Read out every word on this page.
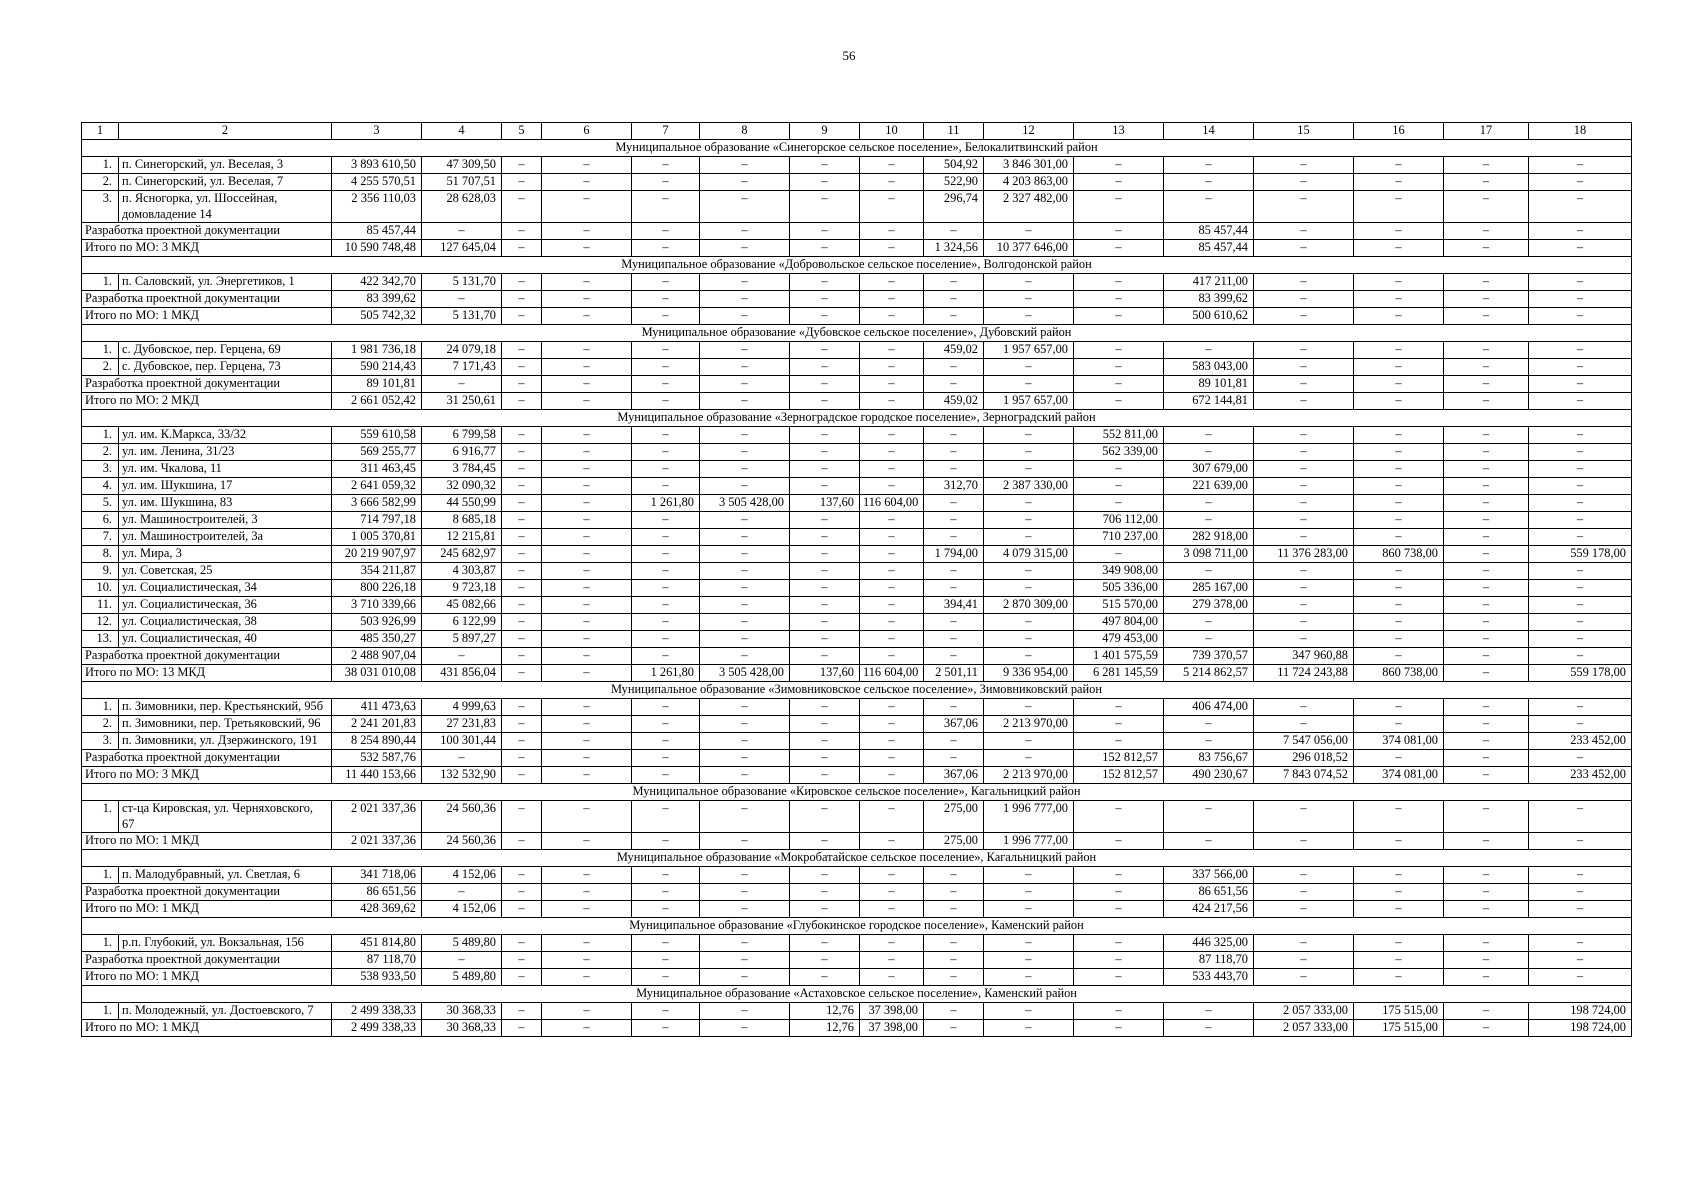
56
1	2	3	4	5	6	7	8	9	10	11	12	13	14	15	16	17	18
Муниципальное образование «Синегорское сельское поселение», Белокалитвинский район																	
1.	п. Синегорский, ул. Веселая, 3	3 893 610,50	47 309,50	–	–	–	–	–	–	504,92	3 846 301,00	–	–	–	–	–	–
2.	п. Синегорский, ул. Веселая, 7	4 255 570,51	51 707,51	–	–	–	–	–	–	522,90	4 203 863,00	–	–	–	–	–	–
3.	п. Ясногорка, ул. Шоссейная, домовладение 14	2 356 110,03	28 628,03	–	–	–	–	–	–	296,74	2 327 482,00	–	–	–	–	–	–
Разработка проектной документации		85 457,44	–	–	–	–	–	–	–	–	–	–	85 457,44	–	–	–	–
Итого по МО: 3 МКД		10 590 748,48	127 645,04	–	–	–	–	–	–	1 324,56	10 377 646,00	–	85 457,44	–	–	–	–
Муниципальное образование «Добровольское сельское поселение», Волгодонской район																	
1.	п. Саловский, ул. Энергетиков, 1	422 342,70	5 131,70	–	–	–	–	–	–	–	–	–	417 211,00	–	–	–	–
Разработка проектной документации		83 399,62	–	–	–	–	–	–	–	–	–	–	83 399,62	–	–	–	–
Итого по МО: 1 МКД		505 742,32	5 131,70	–	–	–	–	–	–	–	–	–	500 610,62	–	–	–	–
Муниципальное образование «Дубовское сельское поселение», Дубовский район																	
1.	с. Дубовское, пер. Герцена, 69	1 981 736,18	24 079,18	–	–	–	–	–	–	459,02	1 957 657,00	–	–	–	–	–	–
2.	с. Дубовское, пер. Герцена, 73	590 214,43	7 171,43	–	–	–	–	–	–	–	–	–	583 043,00	–	–	–	–
Разработка проектной документации		89 101,81	–	–	–	–	–	–	–	–	–	–	89 101,81	–	–	–	–
Итого по МО: 2 МКД		2 661 052,42	31 250,61	–	–	–	–	–	–	459,02	1 957 657,00	–	672 144,81	–	–	–	–
Муниципальное образование «Зерноградское городское поселение», Зерноградский район																	
1.	ул. им. К.Маркса, 33/32	559 610,58	6 799,58	–	–	–	–	–	–	–	–	552 811,00	–	–	–	–	–
2.	ул. им. Ленина, 31/23	569 255,77	6 916,77	–	–	–	–	–	–	–	–	562 339,00	–	–	–	–	–
3.	ул. им. Чкалова, 11	311 463,45	3 784,45	–	–	–	–	–	–	–	–	–	307 679,00	–	–	–	–
4.	ул. им. Шукшина, 17	2 641 059,32	32 090,32	–	–	–	–	–	–	312,70	2 387 330,00	–	221 639,00	–	–	–	–
5.	ул. им. Шукшина, 83	3 666 582,99	44 550,99	–	–	1 261,80	3 505 428,00	137,60	116 604,00	–	–	–	–	–	–	–	–
6.	ул. Машиностроителей, 3	714 797,18	8 685,18	–	–	–	–	–	–	–	–	706 112,00	–	–	–	–	–
7.	ул. Машиностроителей, 3а	1 005 370,81	12 215,81	–	–	–	–	–	–	–	–	710 237,00	282 918,00	–	–	–	–
8.	ул. Мира, 3	20 219 907,97	245 682,97	–	–	–	–	–	–	1 794,00	4 079 315,00	–	3 098 711,00	11 376 283,00	860 738,00	–	559 178,00
9.	ул. Советская, 25	354 211,87	4 303,87	–	–	–	–	–	–	–	–	349 908,00	–	–	–	–	–
10.	ул. Социалистическая, 34	800 226,18	9 723,18	–	–	–	–	–	–	–	–	505 336,00	285 167,00	–	–	–	–
11.	ул. Социалистическая, 36	3 710 339,66	45 082,66	–	–	–	–	–	–	394,41	2 870 309,00	515 570,00	279 378,00	–	–	–	–
12.	ул. Социалистическая, 38	503 926,99	6 122,99	–	–	–	–	–	–	–	–	497 804,00	–	–	–	–	–
13.	ул. Социалистическая, 40	485 350,27	5 897,27	–	–	–	–	–	–	–	–	479 453,00	–	–	–	–	–
Разработка проектной документации		2 488 907,04	–	–	–	–	–	–	–	–	–	1 401 575,59	739 370,57	347 960,88	–	–	–
Итого по МО: 13 МКД		38 031 010,08	431 856,04	–	–	1 261,80	3 505 428,00	137,60	116 604,00	2 501,11	9 336 954,00	6 281 145,59	5 214 862,57	11 724 243,88	860 738,00	–	559 178,00
Муниципальное образование «Зимовниковское сельское поселение», Зимовниковский район																	
1.	п. Зимовники, пер. Крестьянский, 95б	411 473,63	4 999,63	–	–	–	–	–	–	–	–	–	406 474,00	–	–	–	–
2.	п. Зимовники, пер. Третьяковский, 96	2 241 201,83	27 231,83	–	–	–	–	–	–	367,06	2 213 970,00	–	–	–	–	–	–
3.	п. Зимовники, ул. Дзержинского, 191	8 254 890,44	100 301,44	–	–	–	–	–	–	–	–	–	–	7 547 056,00	374 081,00	–	233 452,00
Разработка проектной документации		532 587,76	–	–	–	–	–	–	–	–	–	152 812,57	83 756,67	296 018,52	–	–	–
Итого по МО: 3 МКД		11 440 153,66	132 532,90	–	–	–	–	–	–	367,06	2 213 970,00	152 812,57	490 230,67	7 843 074,52	374 081,00	–	233 452,00
Муниципальное образование «Кировское сельское поселение», Кагальницкий район																	
1.	ст-ца Кировская, ул. Черняховского, 67	2 021 337,36	24 560,36	–	–	–	–	–	–	275,00	1 996 777,00	–	–	–	–	–	–
Итого по МО: 1 МКД		2 021 337,36	24 560,36	–	–	–	–	–	–	275,00	1 996 777,00	–	–	–	–	–	–
Муниципальное образование «Мокробатайское сельское поселение», Кагальницкий район																	
1.	п. Малодубравный, ул. Светлая, 6	341 718,06	4 152,06	–	–	–	–	–	–	–	–	–	337 566,00	–	–	–	–
Разработка проектной документации		86 651,56	–	–	–	–	–	–	–	–	–	–	86 651,56	–	–	–	–
Итого по МО: 1 МКД		428 369,62	4 152,06	–	–	–	–	–	–	–	–	–	424 217,56	–	–	–	–
Муниципальное образование «Глубокинское городское поселение», Каменский район																	
1.	р.п. Глубокий, ул. Вокзальная, 156	451 814,80	5 489,80	–	–	–	–	–	–	–	–	–	446 325,00	–	–	–	–
Разработка проектной документации		87 118,70	–	–	–	–	–	–	–	–	–	–	87 118,70	–	–	–	–
Итого по МО: 1 МКД		538 933,50	5 489,80	–	–	–	–	–	–	–	–	–	533 443,70	–	–	–	–
Муниципальное образование «Астаховское сельское поселение», Каменский район																	
1.	п. Молодежный, ул. Достоевского, 7	2 499 338,33	30 368,33	–	–	–	–	12,76	37 398,00	–	–	–	–	2 057 333,00	175 515,00	–	198 724,00
Итого по МО: 1 МКД		2 499 338,33	30 368,33	–	–	–	–	12,76	37 398,00	–	–	–	–	2 057 333,00	175 515,00	–	198 724,00
